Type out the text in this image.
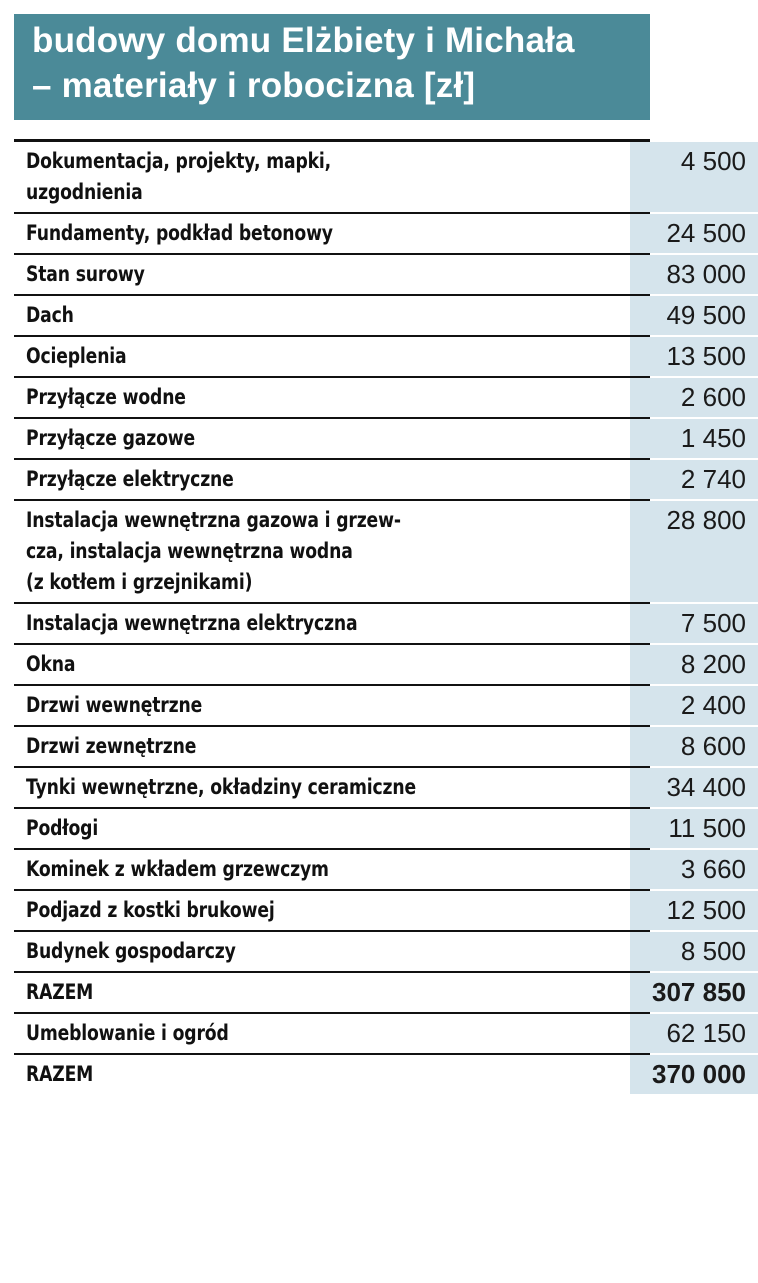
budowy domu Elżbiety i Michała
– materiały i robocizna [zł]
Dokumentacja, projekty, mapki,
uzgodnienia
4 500
Fundamenty, podkład betonowy	24 500
Stan surowy	83 000
Dach	49 500
Ocieplenia	13 500
Przyłącze wodne	2 600
Przyłącze gazowe	1 450
Przyłącze elektryczne	2 740
Instalacja wewnętrzna gazowa i grzew-
cza, instalacja wewnętrzna wodna
(z kotłem i grzejnikami)
28 800
Instalacja wewnętrzna elektryczna	7 500
Okna	8 200
Drzwi wewnętrzne	2 400
Drzwi zewnętrzne	8 600
Tynki wewnętrzne, okładziny ceramiczne	34 400
Podłogi	11 500
Kominek z wkładem grzewczym	3 660
Podjazd z kostki brukowej	12 500
Budynek gospodarczy	8 500
RAZEM	307 850
Umeblowanie i ogród	62 150
RAZEM	370 000
